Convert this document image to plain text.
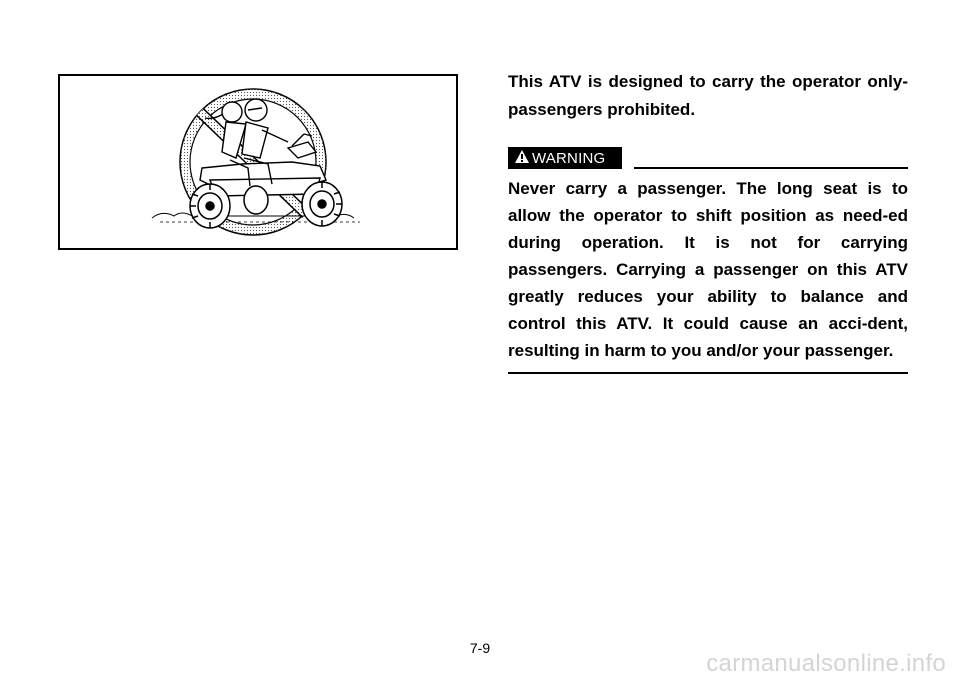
This ATV is designed to carry the operator only-passengers prohibited.

WARNING

Never carry a passenger. The long seat is to allow the operator to shift position as need-ed during operation. It is not for carrying passengers. Carrying a passenger on this ATV greatly reduces your ability to balance and control this ATV. It could cause an acci-dent, resulting in harm to you and/or your passenger.

7-9
carmanualsonline.info
